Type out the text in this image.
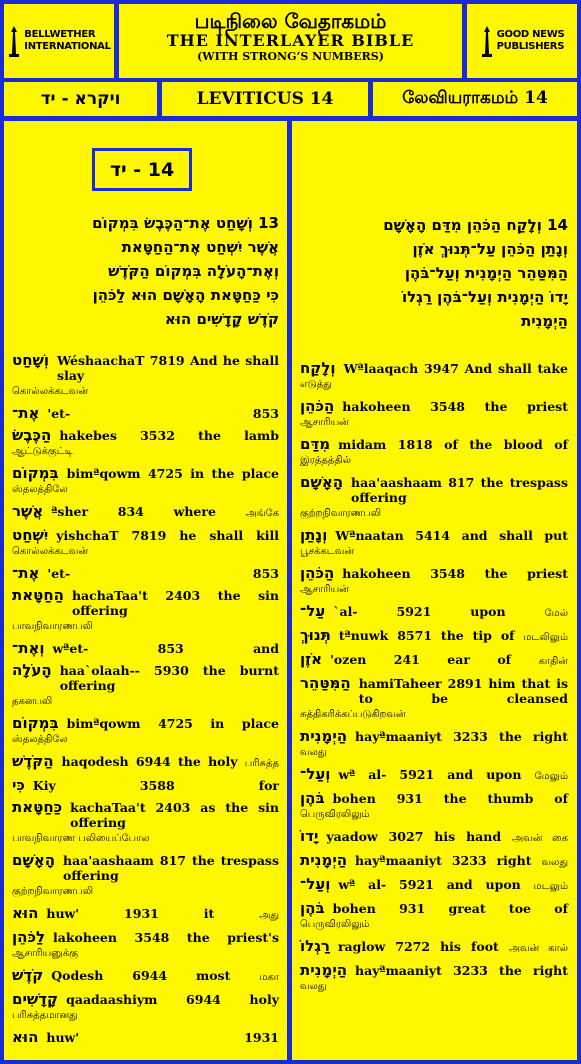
BELLWETHER
INTERNATIONAL
படிநிலை வேதாகமம்
THE INTERLAYER BIBLE
(WITH STRONG’S NUMBERS)
GOOD NEWS
PUBLISHERS
ויקרא - יד	LEVITICUS 14	லேவியராகமம் 14
14 - יד
13 וְשָׁחַט אֶת־הַכֶּבֶשׂ בִּמְקוֹם
אֲשֶׁר יִשְׁחַט אֶת־הַחַטָּאת
וְאֶת־הָעֹלָה בִּמְקוֹם הַקֹּדֶשׁ
כִּי כַּחַטָּאת הָאָשָׁם הוּא לַכֹּהֵן
קֹדֶשׁ קָדָשִׁים הוּא
וְשָׁחַט WéshaachaT 7819 And he shall slay
கொல்லக்கடவன்
אֶת־ 'et- 853
הַכֶּבֶשׂ hakebes 3532 the lamb
ஆட்டுக்குட்டி
בִּמְקוֹם bimªqowm 4725 in the place
ஸ்தலத்திலே
אֲשֶׁר ªsher 834 where	அங்கே
יִשְׁחַט yishchaT 7819 he shall kill
கொல்லக்கடவன்
אֶת־ 'et- 853
הַחַטָּאת hachaTaa't 2403 the sin offering
பாவநிவாரணபலி
וְאֶת־ wªet- 853 and
הָעֹלָה haa`olaah-- 5930 the burnt offering
தகனபலி
בִּמְקוֹם bimªqowm 4725 in place
ஸ்தலத்திலே
הַקֹּדֶשׁ haqodesh 6944 the holy பரிசுத்த
כִּי Kiy 3588 for
כַּחַטָּאת kachaTaa't 2403 as the sin offering
பாவநிவாரண பலியைப்போல
הָאָשָׁם haa'aashaam 817 the trespass offering
குற்றநிவாரணபலி
הוּא huw' 1931 it	அது
לַכֹּהֵן lakoheen 3548 the priest's
ஆசாரியனுக்கு
קֹדֶשׁ Qodesh 6944 most	மகா
קָדָשִׁים qaadaashiym 6944 holy
பரிசுத்தமானது
הוּא huw' 1931
14 וְלָקַח הַכֹּהֵן מִדַּם הָאָשָׁם
וְנָתַן הַכֹּהֵן עַל־תְּנוּךְ אֹזֶן
הַמִּטַּהֵר הַיְמָנִית וְעַל־בֹּהֶן
יָדוֹ הַיְמָנִית וְעַל־בֹּהֶן רַגְלוֹ
הַיְמָנִית
וְלָקַח Wªlaaqach 3947 And shall take
எடுத்து
הַכֹּהֵן hakoheen 3548 the priest
ஆசாரியன்
מִדַּם midam 1818 of the blood of
இரத்தத்தில்
הָאָשָׁם haa'aashaam 817 the trespass offering
குற்றநிவாரணபலி
וְנָתַן Wªnaatan 5414 and shall put
பூசக்கடவன்
הַכֹּהֵן hakoheen 3548 the priest
ஆசாரியன்
עַל־ `al- 5921 upon	மேல்
תְּנוּךְ tªnuwk 8571 the tip of மடலிலும்
אֹזֶן 'ozen 241 ear of	காதின்
הַמִּטַּהֵר hamiTaheer 2891 him that is to be cleansed
சுத்திகரிக்கப்படுகிறவன்
הַיְמָנִית hayªmaaniyt 3233 the right
வலது
וְעַל־ wª al- 5921 and upon மேலும்
בֹּהֶן bohen 931 the thumb of
பெருவிரலிலும்
יָדוֹ yaadow 3027 his hand அவன் கை
הַיְמָנִית hayªmaaniyt 3233 right வலது
וְעַל־ wª al- 5921 and upon மடலும்
בֹּהֶן bohen 931 great toe of
பெருவிரலிலும்
רַגְלוֹ raglow 7272 his foot அவன் கால்
הַיְמָנִית hayªmaaniyt 3233 the right
வலது
